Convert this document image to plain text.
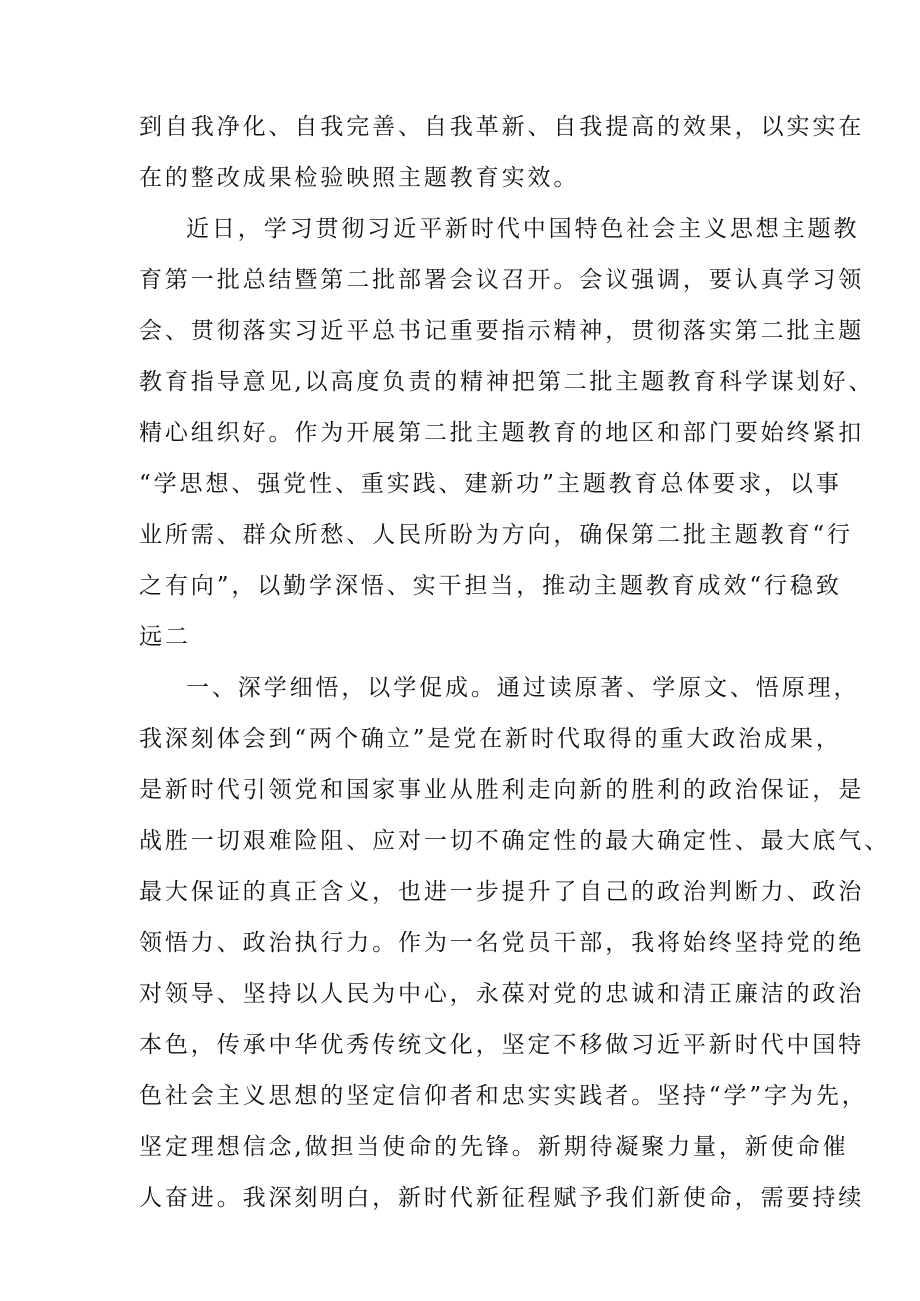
到自我净化、自我完善、自我革新、自我提高的效果，以实实在
在的整改成果检验映照主题教育实效。
近日，学习贯彻习近平新时代中国特色社会主义思想主题教
育第一批总结暨第二批部署会议召开。会议强调，要认真学习领
会、贯彻落实习近平总书记重要指示精神，贯彻落实第二批主题
教育指导意见,以高度负责的精神把第二批主题教育科学谋划好、
精心组织好。作为开展第二批主题教育的地区和部门要始终紧扣
“学思想、强党性、重实践、建新功”主题教育总体要求，以事
业所需、群众所愁、人民所盼为方向，确保第二批主题教育“行
之有向”，以勤学深悟、实干担当，推动主题教育成效“行稳致
远二
一、深学细悟，以学促成。通过读原著、学原文、悟原理，
我深刻体会到“两个确立”是党在新时代取得的重大政治成果，
是新时代引领党和国家事业从胜利走向新的胜利的政治保证，是
战胜一切艰难险阻、应对一切不确定性的最大确定性、最大底气、
最大保证的真正含义，也进一步提升了自己的政治判断力、政治
领悟力、政治执行力。作为一名党员干部，我将始终坚持党的绝
对领导、坚持以人民为中心，永葆对党的忠诚和清正廉洁的政治
本色，传承中华优秀传统文化，坚定不移做习近平新时代中国特
色社会主义思想的坚定信仰者和忠实实践者。坚持“学”字为先，
坚定理想信念,做担当使命的先锋。新期待凝聚力量，新使命催
人奋进。我深刻明白，新时代新征程赋予我们新使命，需要持续
